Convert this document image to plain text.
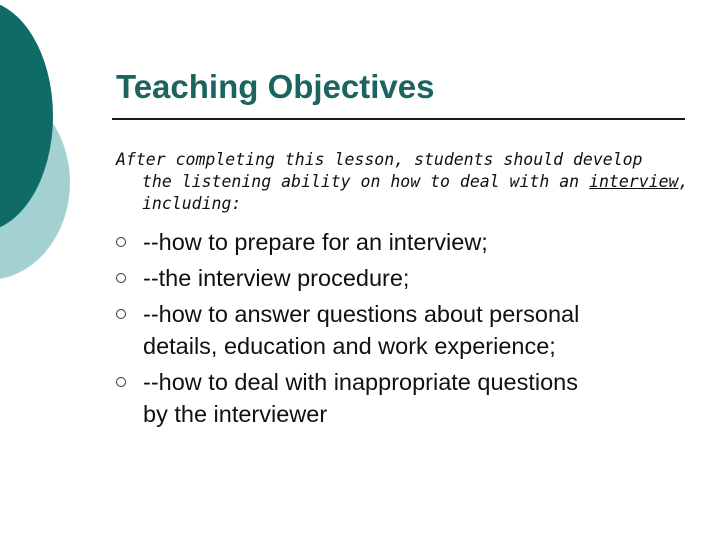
Teaching Objectives

After completing this lesson, students should develop
the listening ability on how to deal with an interview,
including:

--how to prepare for an interview;
--the interview procedure;
--how to answer questions about personal
details, education and work experience;
--how to deal with inappropriate questions
by the interviewer
